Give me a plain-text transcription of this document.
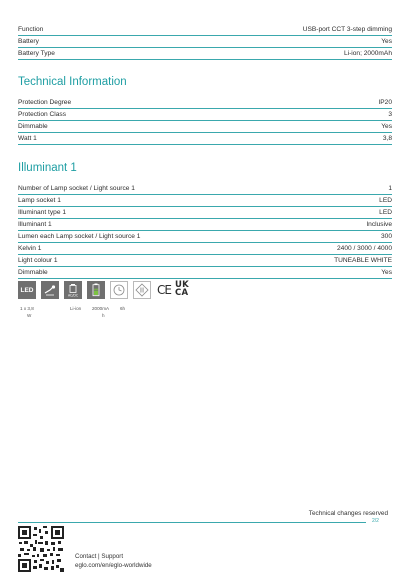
Function	USB-port CCT 3-step dimming
Battery	Yes
Battery Type	Li-ion; 2000mAh
Technical Information
Protection Degree	IP20
Protection Class	3
Dimmable	Yes
Watt 1	3,8
Illuminant 1
Number of Lamp socket / Light source 1	1
Lamp socket 1	LED
Illuminant type 1	LED
Illuminant 1	Inclusive
Lumen each Lamp socket / Light source 1	300
Kelvin 1	2400 / 3000 / 4000
Light colour 1	TUNEABLE WHITE
Dimmable	Yes
LED
AC/DC	CE UK
CA
1 x 3,8
W
Li-ion 2000mA
h
6h
Technical changes reserved
2/2
Contact | Support
eglo.com/en/eglo-worldwide
